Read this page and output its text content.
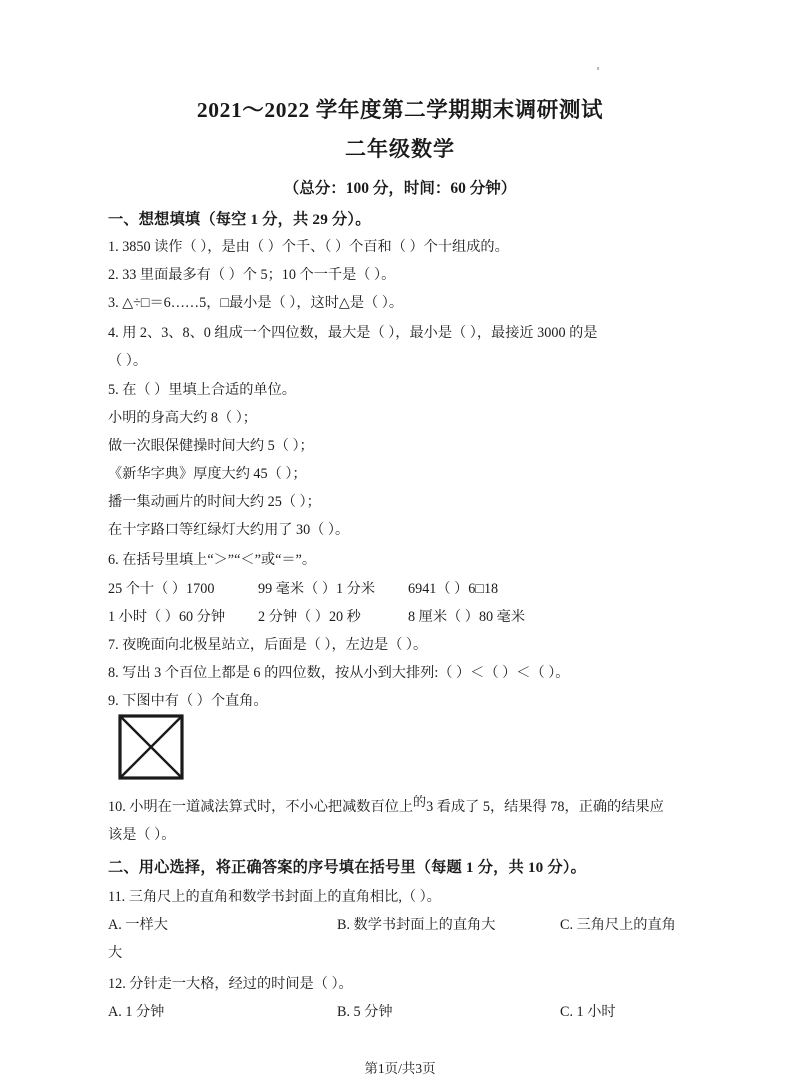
2021～2022 学年度第二学期期末调研测试
二年级数学
（总分：100 分，时间：60 分钟）
一、想想填填（每空 1 分，共 29 分）。
1. 3850 读作（ ），是由（ ）个千、（ ）个百和（ ）个十组成的。
2. 33 里面最多有（ ）个 5；10 个一千是（ ）。
3. △÷□＝6……5，□最小是（ ），这时△是（ ）。
4. 用 2、3、8、0 组成一个四位数，最大是（ ），最小是（ ），最接近 3000 的是
（ ）。
5. 在（ ）里填上合适的单位。
小明的身高大约 8（ ）；
做一次眼保健操时间大约 5（ ）；
《新华字典》厚度大约 45（ ）；
播一集动画片的时间大约 25（ ）；
在十字路口等红绿灯大约用了 30（ ）。
6. 在括号里填上“＞”“＜”或“＝”。
25 个十（ ）1700	99 毫米（ ）1 分米 6941（ ）6□18
1 小时（ ）60 分钟 2 分钟（ ）20 秒	8 厘米（ ）80 毫米
7. 夜晚面向北极星站立，后面是（ ），左边是（ ）。
8. 写出 3 个百位上都是 6 的四位数，按从小到大排列:（ ）＜（ ）＜（ ）。
9. 下图中有（ ）个直角。
10. 小明在一道减法算式时，不小心把减数百位上的3 看成了 5，结果得 78，正确的结果应
该是（ ）。
二、用心选择，将正确答案的序号填在括号里（每题 1 分，共 10 分）。
11. 三角尺上的直角和数学书封面上的直角相比,（ ）。
A. 一样大	B. 数学书封面上的直角大	C. 三角尺上的直角
大
12. 分针走一大格，经过的时间是（ ）。
A. 1 分钟	B. 5 分钟	C. 1 小时
第1页/共3页
